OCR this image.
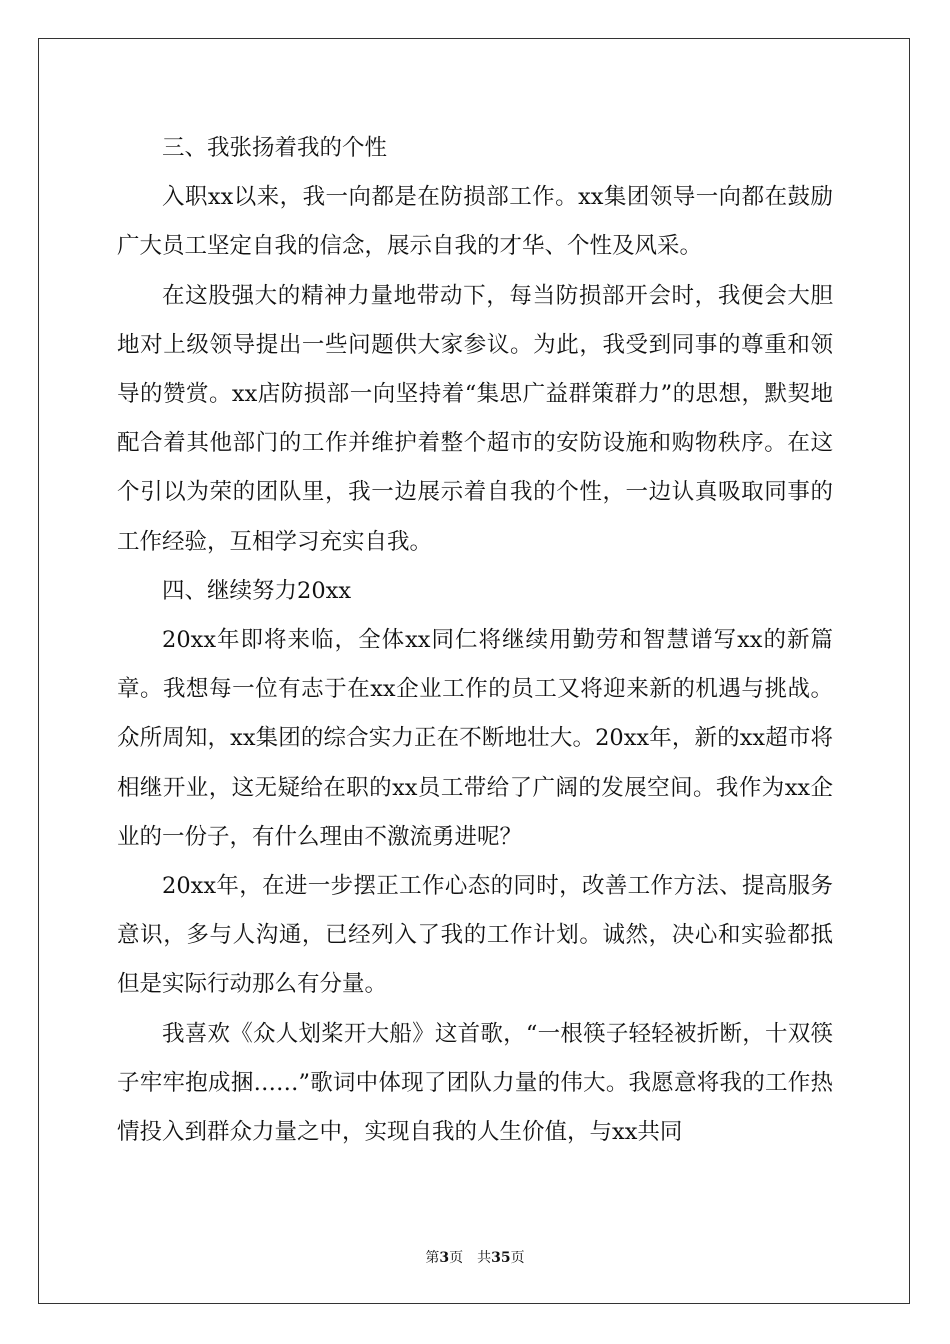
三、我张扬着我的个性

入职xx以来，我一向都是在防损部工作。xx集团领导一向都在鼓励广大员工坚定自我的信念，展示自我的才华、个性及风采。

在这股强大的精神力量地带动下，每当防损部开会时，我便会大胆地对上级领导提出一些问题供大家参议。为此，我受到同事的尊重和领导的赞赏。xx店防损部一向坚持着“集思广益群策群力”的思想，默契地配合着其他部门的工作并维护着整个超市的安防设施和购物秩序。在这个引以为荣的团队里，我一边展示着自我的个性，一边认真吸取同事的工作经验，互相学习充实自我。

四、继续努力20xx

20xx年即将来临，全体xx同仁将继续用勤劳和智慧谱写xx的新篇章。我想每一位有志于在xx企业工作的员工又将迎来新的机遇与挑战。众所周知，xx集团的综合实力正在不断地壮大。20xx年，新的xx超市将相继开业，这无疑给在职的xx员工带给了广阔的发展空间。我作为xx企业的一份子，有什么理由不激流勇进呢？

20xx年，在进一步摆正工作心态的同时，改善工作方法、提高服务意识，多与人沟通，已经列入了我的工作计划。诚然，决心和实验都抵但是实际行动那么有分量。

我喜欢《众人划桨开大船》这首歌，“一根筷子轻轻被折断，十双筷子牢牢抱成捆……”歌词中体现了团队力量的伟大。我愿意将我的工作热情投入到群众力量之中，实现自我的人生价值，与xx共同

第3页 共35页
